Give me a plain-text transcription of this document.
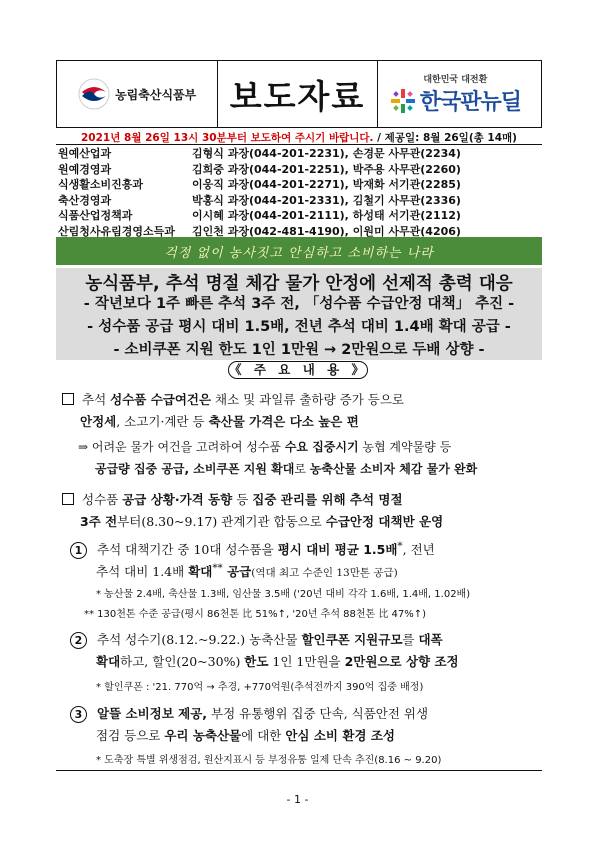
농림축산식품부	보도자료	대한민국 대전환
한국판뉴딜
2021년 8월 26일 13시 30분부터 보도하여 주시기 바랍니다. / 제공일: 8월 26일(총 14매)
원예산업과	김형식 과장(044-201-2231), 손경문 사무관(2234)
원예경영과	김희중 과장(044-201-2251), 박주용 사무관(2260)
식생활소비진흥과	이웅직 과장(044-201-2271), 박재화 서기관(2285)
축산경영과	박홍식 과장(044-201-2331), 김철기 사무관(2336)
식품산업정책과	이시혜 과장(044-201-2111), 하성태 서기관(2112)
산림청사유림경영소득과	김인천 과장(042-481-4190), 이원미 사무관(4206)
걱정 없이 농사짓고 안심하고 소비하는 나라
농식품부, 추석 명절 체감 물가 안정에 선제적 총력 대응
- 작년보다 1주 빠른 추석 3주 전, 「성수품 수급안정 대책」 추진 -
- 성수품 공급 평시 대비 1.5배, 전년 추석 대비 1.4배 확대 공급 -
- 소비쿠폰 지원 한도 1인 1만원 → 2만원으로 두배 상향 -
《 주 요 내 용 》
추석 성수품 수급여건은 채소 및 과일류 출하량 증가 등으로
안정세, 소고기·계란 등 축산물 가격은 다소 높은 편
⇒ 어려운 물가 여건을 고려하여 성수품 수요 집중시기 농협 계약물량 등
공급량 집중 공급, 소비쿠폰 지원 확대로 농축산물 소비자 체감 물가 완화
성수품 공급 상황·가격 동향 등 집중 관리를 위해 추석 명절
3주 전부터(8.30~9.17) 관계기관 합동으로 수급안정 대책반 운영
1 추석 대책기간 중 10대 성수품을 평시 대비 평균 1.5배*, 전년
추석 대비 1.4배 확대** 공급(역대 최고 수준인 13만톤 공급)
* 농산물 2.4배, 축산물 1.3배, 임산물 3.5배 ('20년 대비 각각 1.6배, 1.4배, 1.02배)
** 130천톤 수준 공급(평시 86천톤 比 51%↑, '20년 추석 88천톤 比 47%↑)
2 추석 성수기(8.12.~9.22.) 농축산물 할인쿠폰 지원규모를 대폭
확대하고, 할인(20~30%) 한도 1인 1만원을 2만원으로 상향 조정
* 할인쿠폰 : '21. 770억 → 추경, +770억원(추석전까지 390억 집중 배정)
3 알뜰 소비정보 제공, 부정 유통행위 집중 단속, 식품안전 위생
점검 등으로 우리 농축산물에 대한 안심 소비 환경 조성
* 도축장 특별 위생점검, 원산지표시 등 부정유통 일제 단속 추진(8.16 ~ 9.20)
- 1 -
